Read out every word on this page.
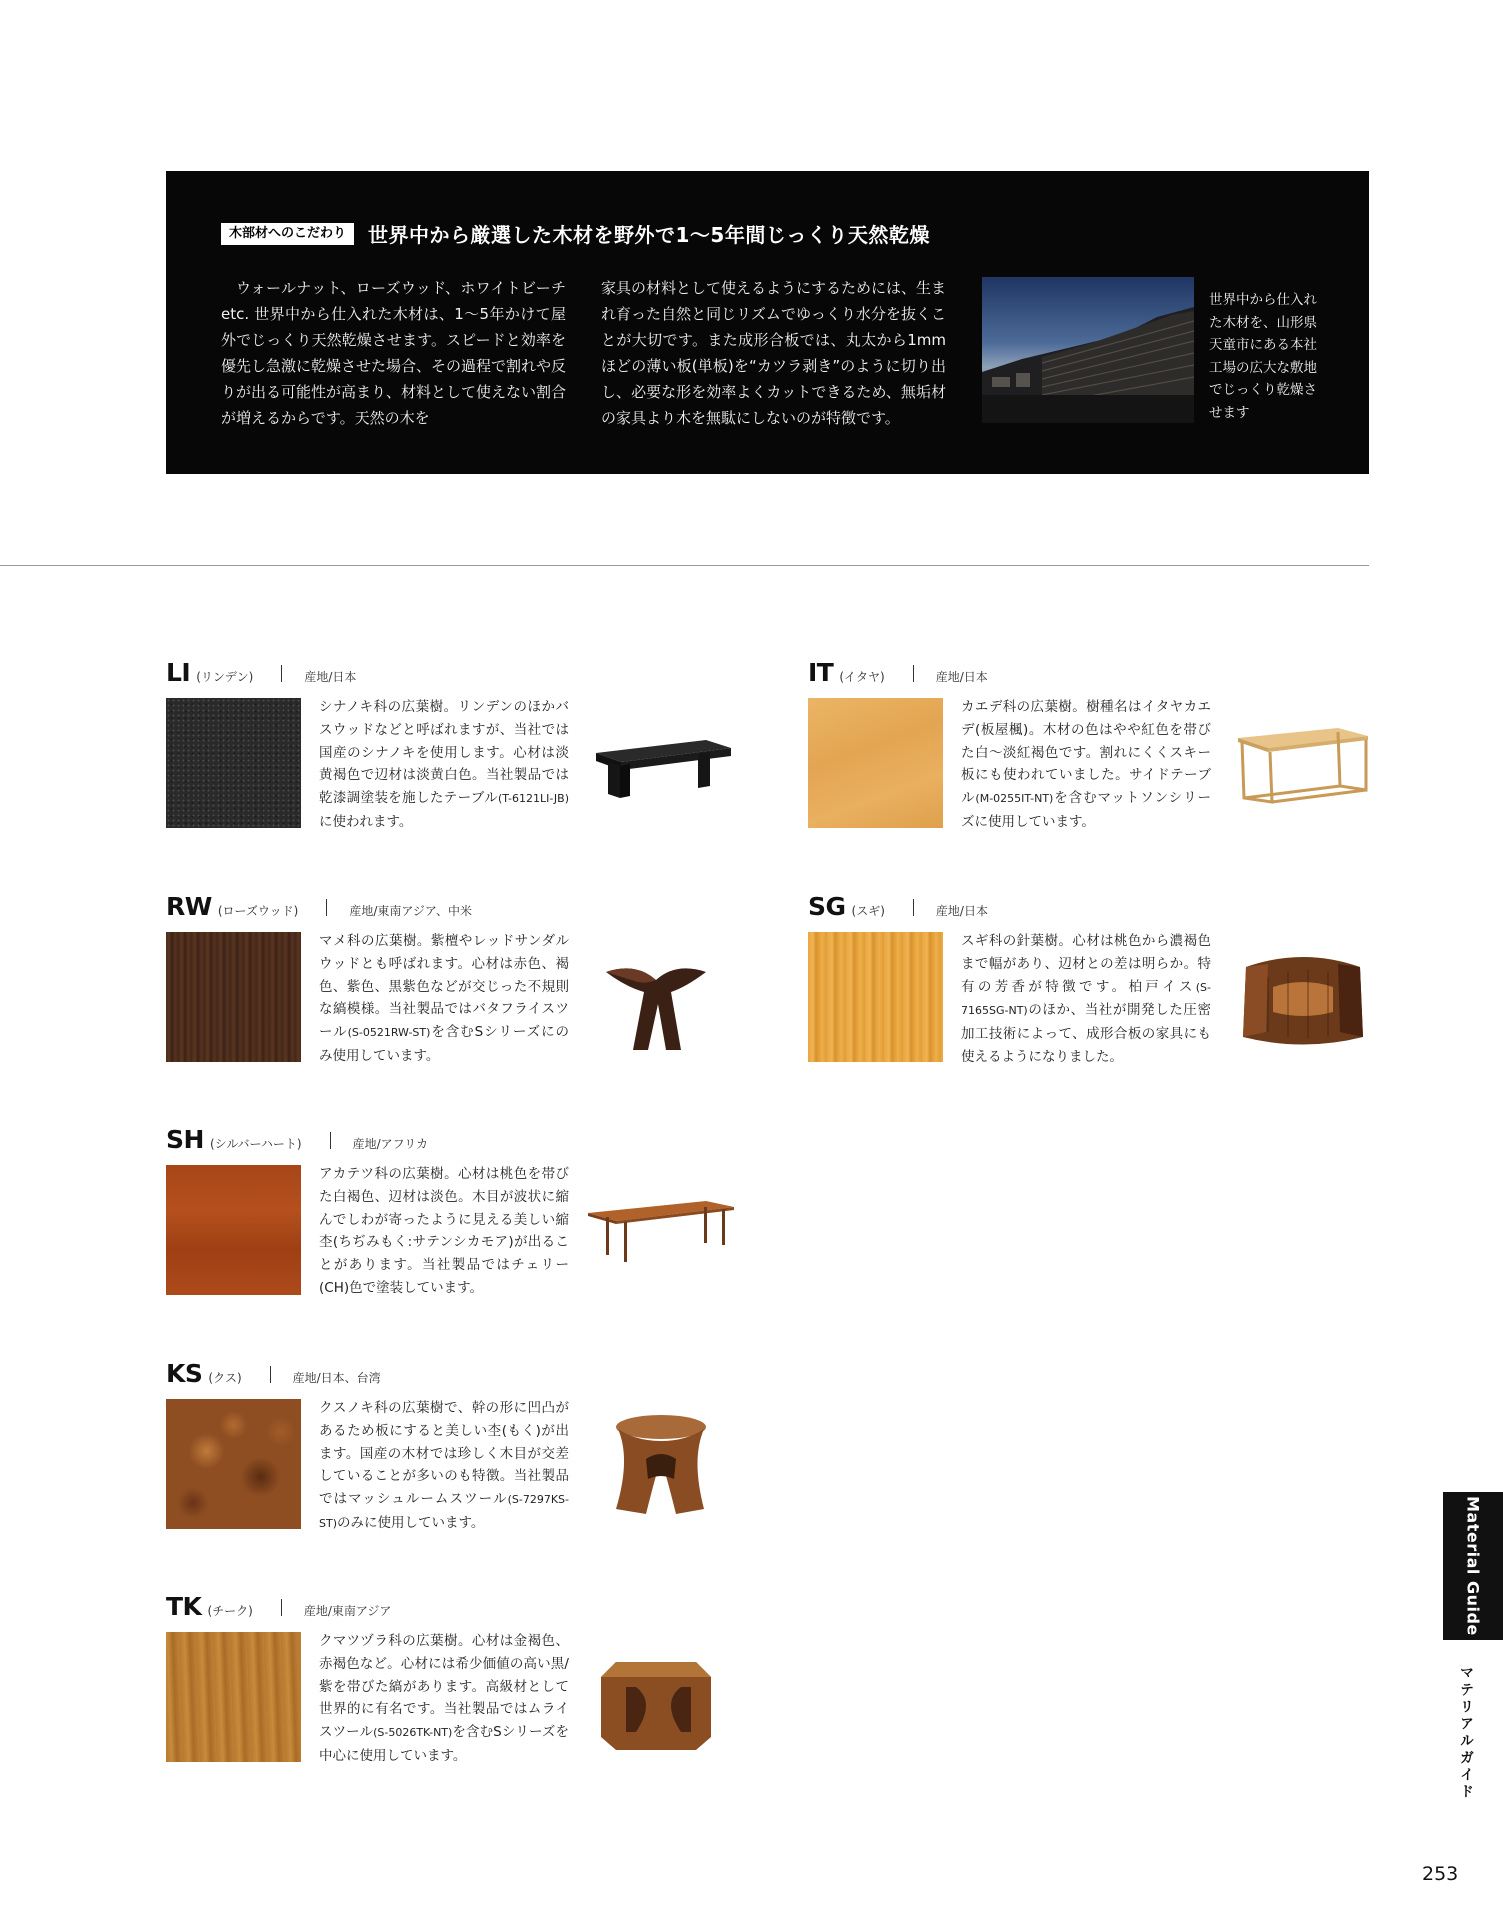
木部材へのこだわり	世界中から厳選した木材を野外で1〜5年間じっくり天然乾燥

ウォールナット、ローズウッド、ホワイトビーチetc. 世界中から仕入れた木材は、1〜5年かけて屋外でじっくり天然乾燥させます。スピードと効率を優先し急激に乾燥させた場合、その過程で割れや反りが出る可能性が高まり、材料として使えない割合が増えるからです。天然の木を

家具の材料として使えるようにするためには、生まれ育った自然と同じリズムでゆっくり水分を抜くことが大切です。また成形合板では、丸太から1mmほどの薄い板(単板)を“カツラ剥き”のように切り出し、必要な形を効率よくカットできるため、無垢材の家具より木を無駄にしないのが特徴です。

世界中から仕入れた木材を、山形県天童市にある本社工場の広大な敷地でじっくり乾燥させます

LI (リンデン)	産地/日本

シナノキ科の広葉樹。リンデンのほかバスウッドなどと呼ばれますが、当社では国産のシナノキを使用します。心材は淡黄褐色で辺材は淡黄白色。当社製品では乾漆調塗装を施したテーブル(T-6121LI-JB)に使われます。

RW (ローズウッド)	産地/東南アジア、中米

マメ科の広葉樹。紫檀やレッドサンダルウッドとも呼ばれます。心材は赤色、褐色、紫色、黒紫色などが交じった不規則な縞模様。当社製品ではバタフライスツール(S-0521RW-ST)を含むSシリーズにのみ使用しています。

SH (シルバーハート)	産地/アフリカ

アカテツ科の広葉樹。心材は桃色を帯びた白褐色、辺材は淡色。木目が波状に縮んでしわが寄ったように見える美しい縮杢(ちぢみもく:サテンシカモア)が出ることがあります。当社製品ではチェリー(CH)色で塗装しています。

KS (クス)	産地/日本、台湾

クスノキ科の広葉樹で、幹の形に凹凸があるため板にすると美しい杢(もく)が出ます。国産の木材では珍しく木目が交差していることが多いのも特徴。当社製品ではマッシュルームスツール(S-7297KS-ST)のみに使用しています。

TK (チーク)	産地/東南アジア

クマツヅラ科の広葉樹。心材は金褐色、赤褐色など。心材には希少価値の高い黒/紫を帯びた縞があります。高級材として世界的に有名です。当社製品ではムライスツール(S-5026TK-NT)を含むSシリーズを中心に使用しています。

IT (イタヤ)	産地/日本

カエデ科の広葉樹。樹種名はイタヤカエデ(板屋楓)。木材の色はやや紅色を帯びた白〜淡紅褐色です。割れにくくスキー板にも使われていました。サイドテーブル(M-0255IT-NT)を含むマットソンシリーズに使用しています。

SG (スギ)	産地/日本

スギ科の針葉樹。心材は桃色から濃褐色まで幅があり、辺材との差は明らか。特有の芳香が特徴です。柏戸イス(S-7165SG-NT)のほか、当社が開発した圧密加工技術によって、成形合板の家具にも使えるようになりました。

Material Guide
マテリアルガイド
253
